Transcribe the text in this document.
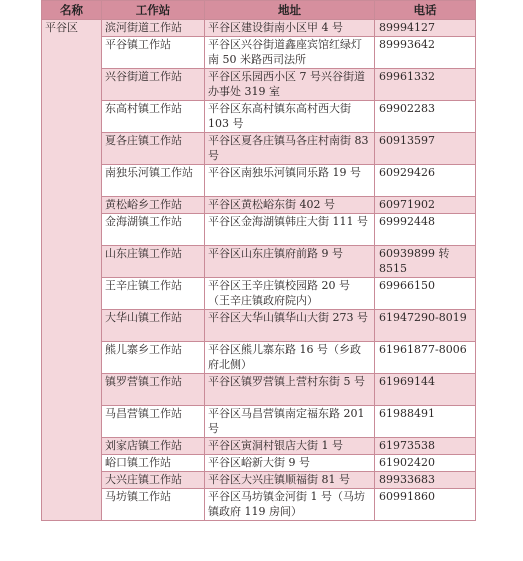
名称	工作站	地址	电话
平谷区	滨河街道工作站	平谷区建设街南小区甲 4 号	89994127
	平谷镇工作站	平谷区兴谷街道鑫座宾馆红绿灯南 50 米路西司法所	89993642
	兴谷街道工作站	平谷区乐园西小区 7 号兴谷街道办事处 319 室	69961332
	东高村镇工作站	平谷区东高村镇东高村西大街 103 号	69902283
	夏各庄镇工作站	平谷区夏各庄镇马各庄村南街 83 号	60913597
	南独乐河镇工作站	平谷区南独乐河镇同乐路 19 号	60929426
	黄松峪乡工作站	平谷区黄松峪东街 402 号	60971902
	金海湖镇工作站	平谷区金海湖镇韩庄大街 111 号	69992448
	山东庄镇工作站	平谷区山东庄镇府前路 9 号	60939899 转 8515
	王辛庄镇工作站	平谷区王辛庄镇校园路 20 号（王辛庄镇政府院内）	69966150
	大华山镇工作站	平谷区大华山镇华山大街 273 号	61947290-8019
	熊儿寨乡工作站	平谷区熊儿寨东路 16 号（乡政府北侧）	61961877-8006
	镇罗营镇工作站	平谷区镇罗营镇上营村东街 5 号	61969144
	马昌营镇工作站	平谷区马昌营镇南定福东路 201 号	61988491
	刘家店镇工作站	平谷区寅洞村银店大街 1 号	61973538
	峪口镇工作站	平谷区峪新大街 9 号	61902420
	大兴庄镇工作站	平谷区大兴庄镇顺福街 81 号	89933683
	马坊镇工作站	平谷区马坊镇金河街 1 号（马坊镇政府 119 房间）	60991860
